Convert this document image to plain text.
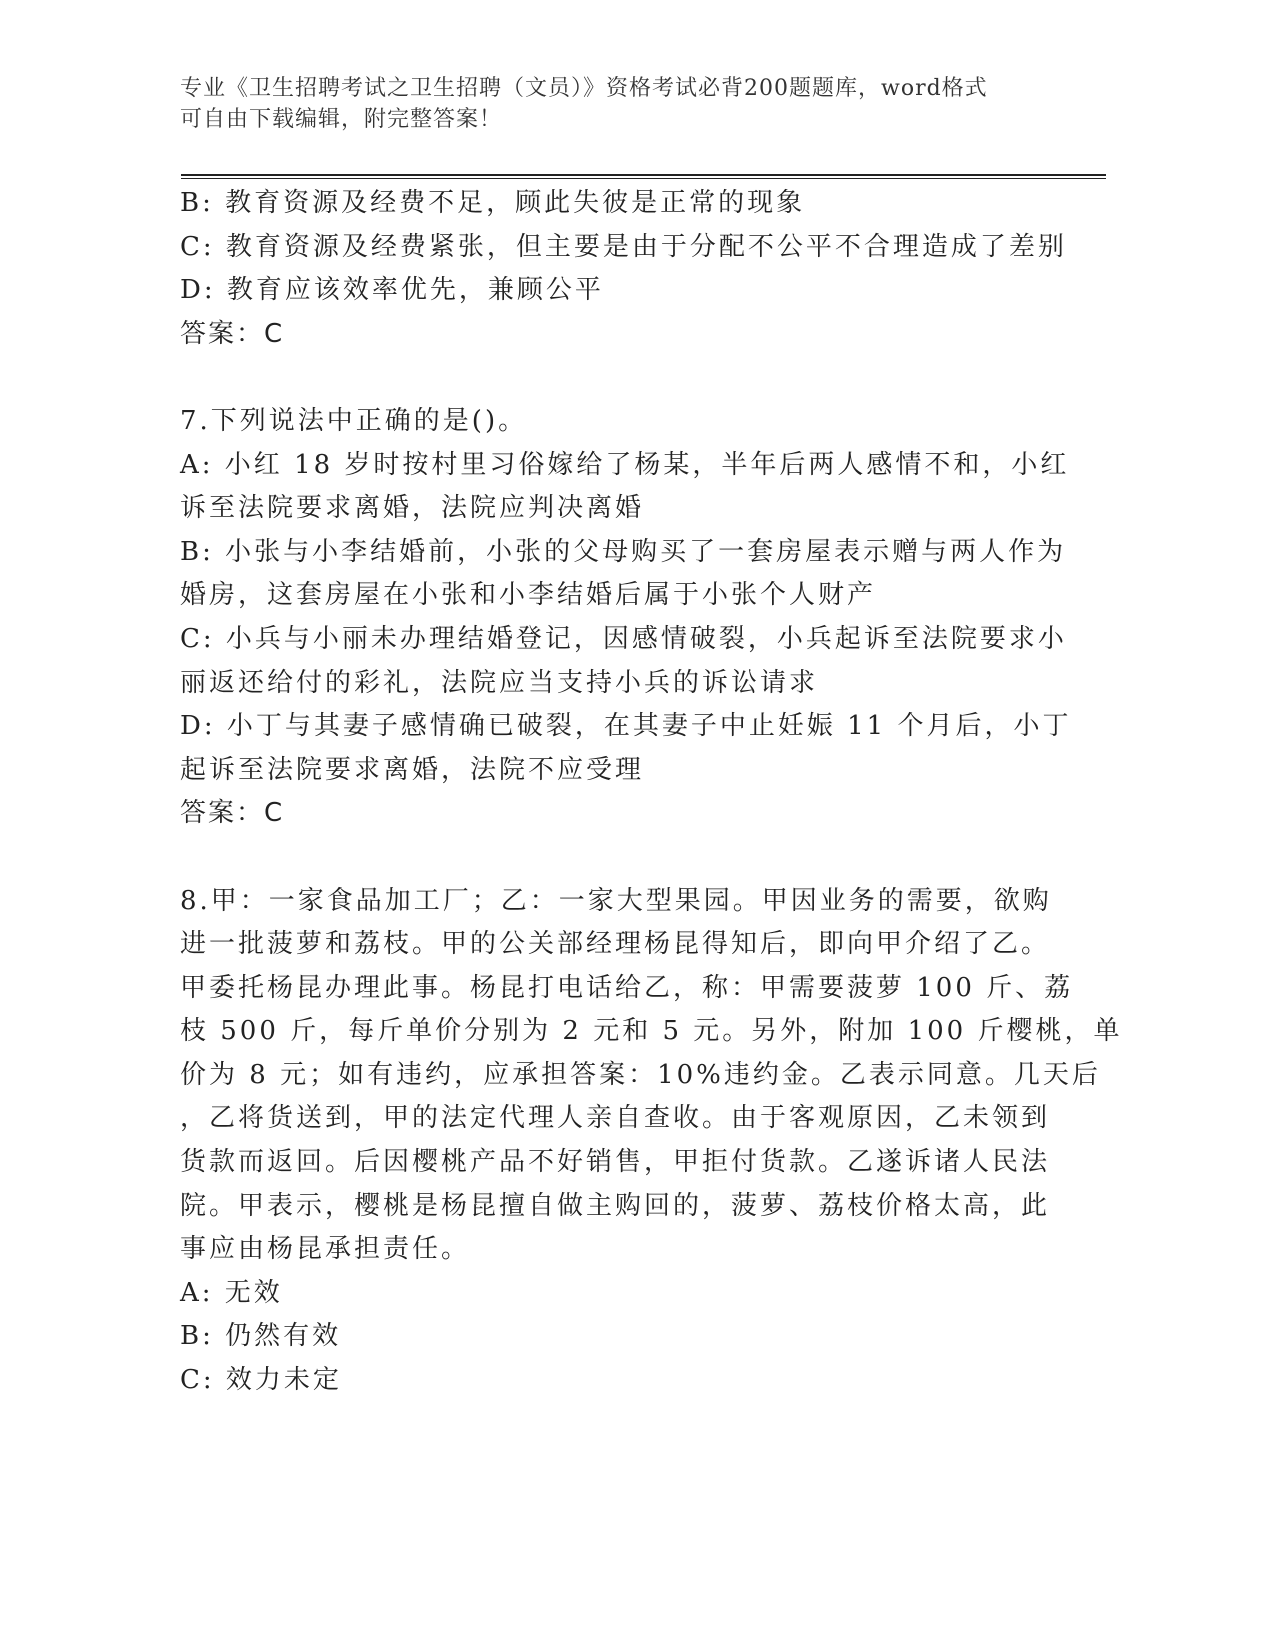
专业《卫生招聘考试之卫生招聘（文员）》资格考试必背200题题库，word格式
可自由下载编辑，附完整答案！
B: 教育资源及经费不足，顾此失彼是正常的现象
C: 教育资源及经费紧张，但主要是由于分配不公平不合理造成了差别
D: 教育应该效率优先，兼顾公平
答案：C
7.下列说法中正确的是()。
A: 小红 18 岁时按村里习俗嫁给了杨某，半年后两人感情不和，小红
诉至法院要求离婚，法院应判决离婚
B: 小张与小李结婚前，小张的父母购买了一套房屋表示赠与两人作为
婚房，这套房屋在小张和小李结婚后属于小张个人财产
C: 小兵与小丽未办理结婚登记，因感情破裂，小兵起诉至法院要求小
丽返还给付的彩礼，法院应当支持小兵的诉讼请求
D: 小丁与其妻子感情确已破裂，在其妻子中止妊娠 11 个月后，小丁
起诉至法院要求离婚，法院不应受理
答案：C
8.甲：一家食品加工厂；乙：一家大型果园。甲因业务的需要，欲购
进一批菠萝和荔枝。甲的公关部经理杨昆得知后，即向甲介绍了乙。
甲委托杨昆办理此事。杨昆打电话给乙，称：甲需要菠萝 100 斤、荔
枝 500 斤，每斤单价分别为 2 元和 5 元。另外，附加 100 斤樱桃，单
价为 8 元；如有违约，应承担答案：10%违约金。乙表示同意。几天后
，乙将货送到，甲的法定代理人亲自查收。由于客观原因，乙未领到
货款而返回。后因樱桃产品不好销售，甲拒付货款。乙遂诉诸人民法
院。甲表示，樱桃是杨昆擅自做主购回的，菠萝、荔枝价格太高，此
事应由杨昆承担责任。
A: 无效
B: 仍然有效
C: 效力未定
